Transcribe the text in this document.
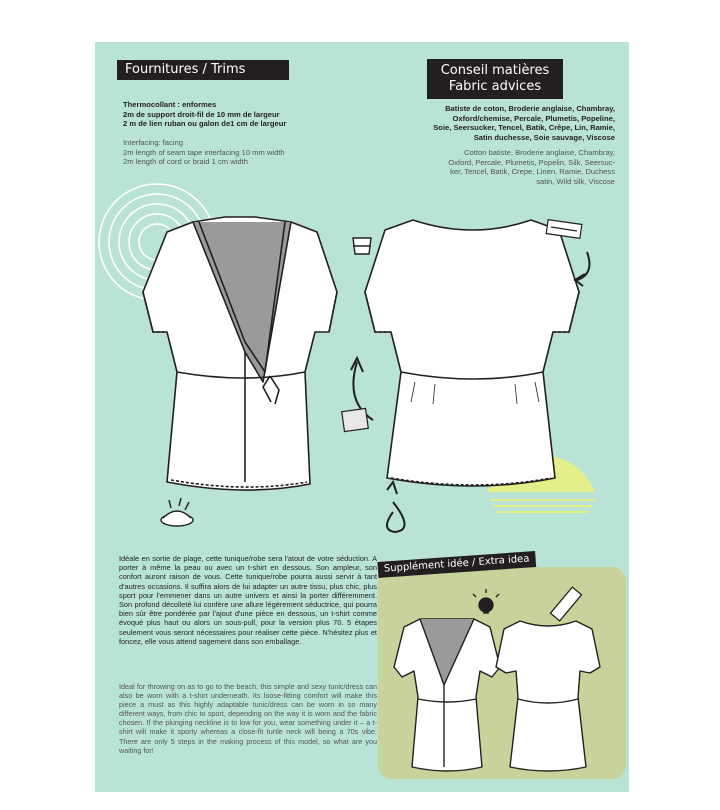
Fournitures / Trims
Thermocollant : enformes
2m de support droit-fil de 10 mm de largeur
2 m de lien ruban ou galon de1 cm de largeur
Interfacing: facing
2m length of seam tape interfacing 10 mm width
2m length of cord or braid 1 cm width
Conseil matières
Fabric advices
Batiste de coton, Broderie anglaise, Chambray,
Oxford/chemise, Percale, Plumetis, Popeline,
Soie, Seersucker, Tencel, Batik, Crêpe, Lin, Ramie,
Satin duchesse, Soie sauvage, Viscose
Cotton batiste, Broderie anglaise, Chambray,
Oxford, Percale, Plumetis, Popelin, Silk, Seersuc-
ker, Tencel, Batik, Crepe, Linen, Ramie, Duchess
satin, Wild silk, Viscose
Idéale en sortie de plage, cette tunique/robe sera l'atout de votre séduction. A porter à même la peau ou avec un t-shirt en dessous. Son ampleur, son confort auront raison de vous. Cette tunique/robe pourra aussi servir à tant d'autres occasions. Il suffira alors de lui adapter un autre tissu, plus chic, plus sport pour l'emmener dans un autre univers et ainsi la porter différemment. Son profond décolleté lui confère une allure légèrement séductrice, qui pourra bien sûr être pondérée par l'ajout d'une pièce en dessous, un t-shirt comme évoqué plus haut ou alors un sous-pull, pour la version plus 70. 5 étapes seulement vous seront nécessaires pour réaliser cette pièce. N'hésitez plus et foncez, elle vous attend sagement dans son emballage.
Ideal for throwing on as to go to the beach, this simple and sexy tunic/dress can also be worn with a t-shirt underneath. Its loose-fitting comfort will make this piece a must as this highly adaptable tunic/dress can be worn in so many different ways, from chic to sport, depending on the way it is worn and the fabric chosen. If the plunging neckline is to low for you, wear something under it – a t-shirt will make it sporty whereas a close-fit turtle neck will being a 70s vibe. There are only 5 steps in the making process of this model, so what are you waiting for!
Supplément idée / Extra idea
